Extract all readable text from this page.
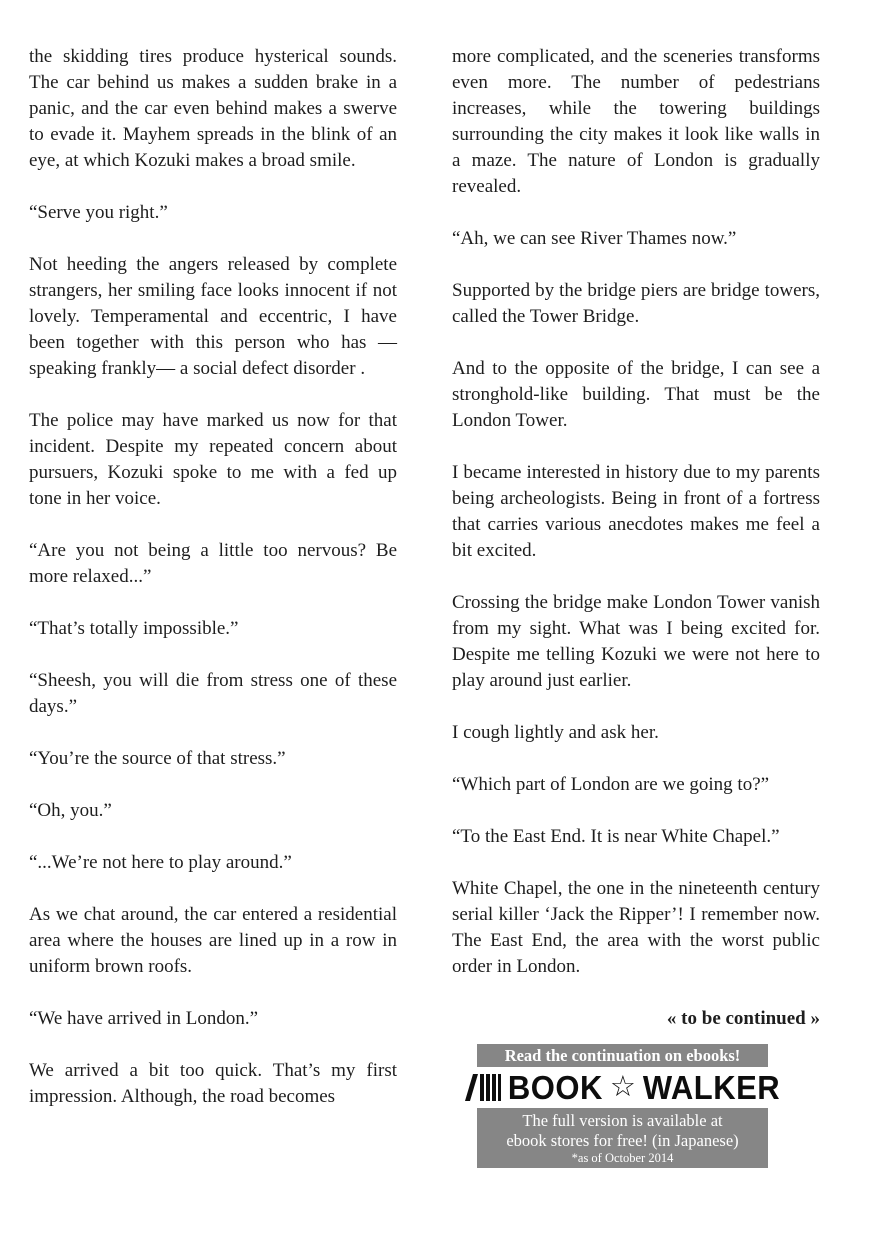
the skidding tires produce hysterical sounds. The car behind us makes a sudden brake in a panic, and the car even behind makes a swerve to evade it. Mayhem spreads in the blink of an eye, at which Kozuki makes a broad smile.

“Serve you right.”

Not heeding the angers released by complete strangers, her smiling face looks innocent if not lovely. Temperamental and eccentric, I have been together with this person who has —speaking frankly— a social defect disorder .

The police may have marked us now for that incident. Despite my repeated concern about pursuers, Kozuki spoke to me with a fed up tone in her voice.

“Are you not being a little too nervous? Be more relaxed...”

“That’s totally impossible.”

“Sheesh, you will die from stress one of these days.”

“You’re the source of that stress.”

“Oh, you.”

“...We’re not here to play around.”

As we chat around, the car entered a residential area where the houses are lined up in a row in uniform brown roofs.

“We have arrived in London.”

We arrived a bit too quick. That’s my first impression. Although, the road becomes

more complicated, and the sceneries transforms even more. The number of pedestrians increases, while the towering buildings surrounding the city makes it look like walls in a maze. The nature of London is gradually revealed.

“Ah, we can see River Thames now.”

Supported by the bridge piers are bridge towers, called the Tower Bridge.

And to the opposite of the bridge, I can see a stronghold-like building. That must be the London Tower.

I became interested in history due to my parents being archeologists. Being in front of a fortress that carries various anecdotes makes me feel a bit excited.

Crossing the bridge make London Tower vanish from my sight. What was I being excited for. Despite me telling Kozuki we were not here to play around just earlier.

I cough lightly and ask her.

“Which part of London are we going to?”

“To the East End. It is near White Chapel.”

White Chapel, the one in the nineteenth century serial killer ‘Jack the Ripper’! I remember now. The East End, the area with the worst public order in London.

« to be continued »

Read the continuation on ebooks!
BOOK ☆ WALKER
The full version is available at
ebook stores for free! (in Japanese)
*as of October 2014
